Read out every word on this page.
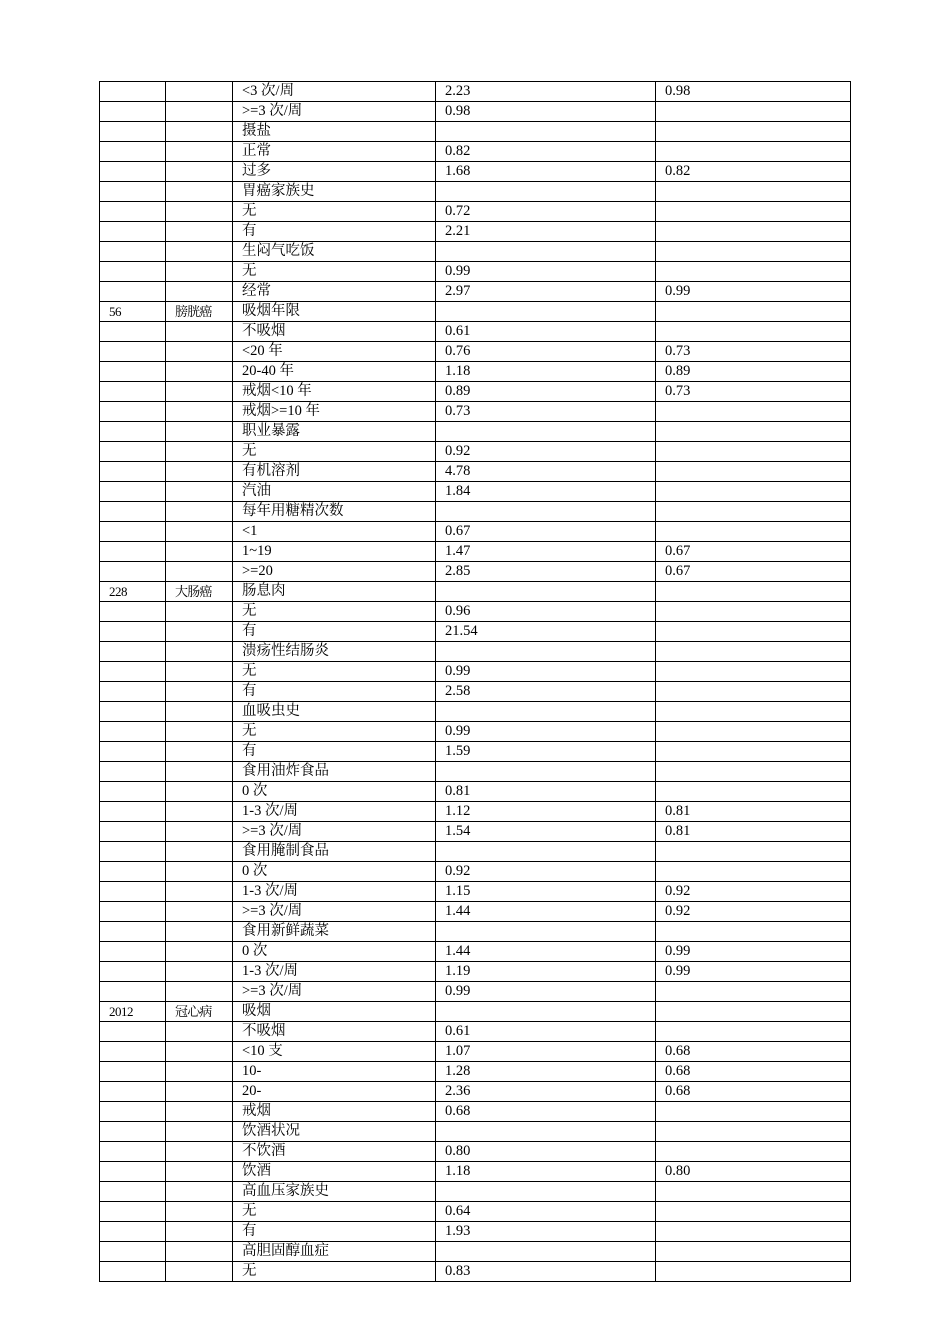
		<3 次/周	2.23	0.98
		>=3 次/周	0.98	
		摄盐		
		正常	0.82	
		过多	1.68	0.82
		胃癌家族史		
		无	0.72	
		有	2.21	
		生闷气吃饭		
		无	0.99	
		经常	2.97	0.99
56	膀胱癌	吸烟年限		
		不吸烟	0.61	
		<20 年	0.76	0.73
		20-40 年	1.18	0.89
		戒烟<10 年	0.89	0.73
		戒烟>=10 年	0.73	
		职业暴露		
		无	0.92	
		有机溶剂	4.78	
		汽油	1.84	
		每年用糖精次数		
		<1	0.67	
		1~19	1.47	0.67
		>=20	2.85	0.67
228	大肠癌	肠息肉		
		无	0.96	
		有	21.54	
		溃疡性结肠炎		
		无	0.99	
		有	2.58	
		血吸虫史		
		无	0.99	
		有	1.59	
		食用油炸食品		
		0 次	0.81	
		1-3 次/周	1.12	0.81
		>=3 次/周	1.54	0.81
		食用腌制食品		
		0 次	0.92	
		1-3 次/周	1.15	0.92
		>=3 次/周	1.44	0.92
		食用新鲜蔬菜		
		0 次	1.44	0.99
		1-3 次/周	1.19	0.99
		>=3 次/周	0.99	
2012	冠心病	吸烟		
		不吸烟	0.61	
		<10 支	1.07	0.68
		10-	1.28	0.68
		20-	2.36	0.68
		戒烟	0.68	
		饮酒状况		
		不饮酒	0.80	
		饮酒	1.18	0.80
		高血压家族史		
		无	0.64	
		有	1.93	
		高胆固醇血症		
		无	0.83	
